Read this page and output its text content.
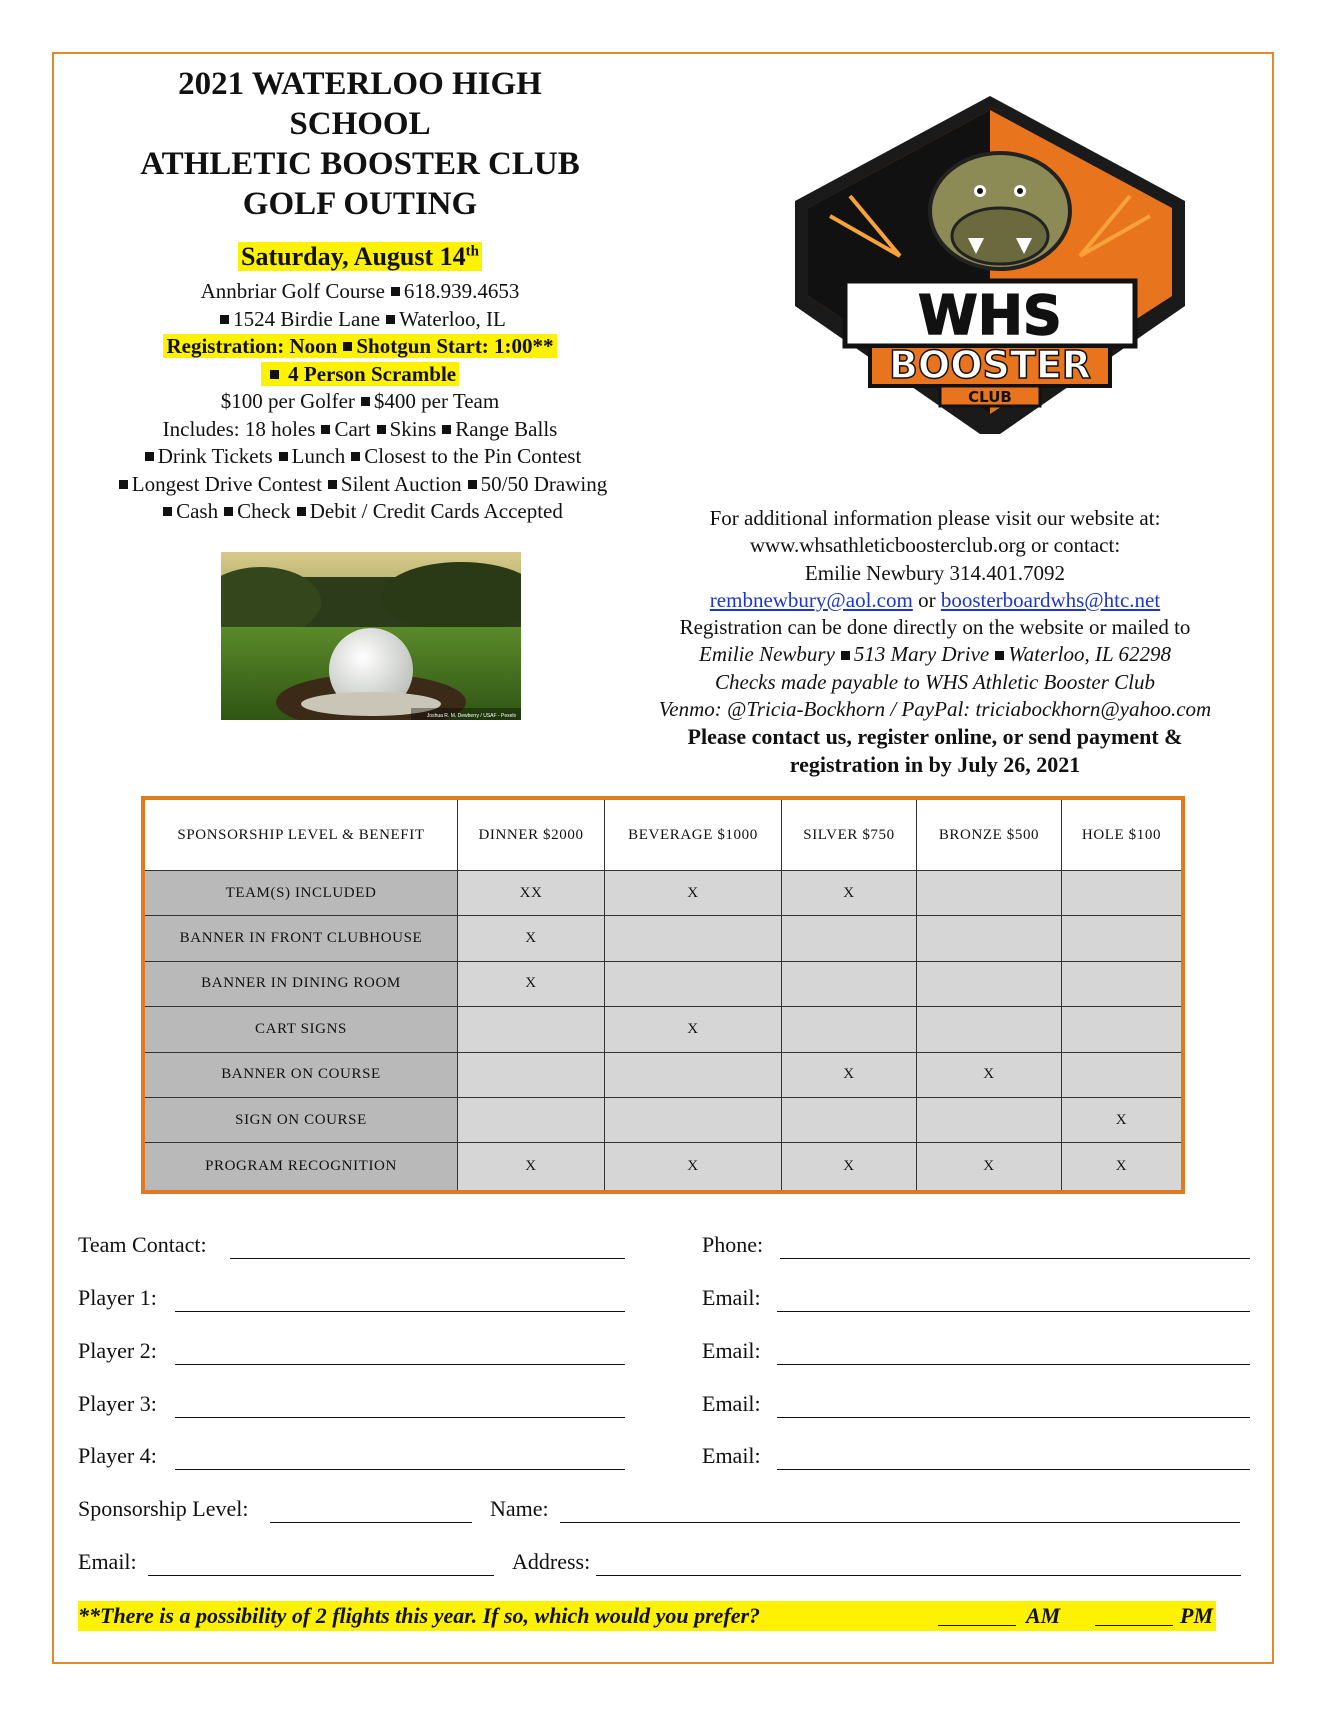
2021 WATERLOO HIGH
SCHOOL
ATHLETIC BOOSTER CLUB
GOLF OUTING
Saturday, August 14th
Annbriar Golf Course 618.939.4653
1524 Birdie Lane Waterloo, IL
Registration: Noon Shotgun Start: 1:00**
4 Person Scramble
$100 per Golfer $400 per Team
Includes: 18 holes Cart Skins Range Balls
Drink Tickets Lunch Closest to the Pin Contest
Longest Drive Contest Silent Auction 50/50 Drawing
Cash Check Debit / Credit Cards Accepted
Joshua R. M. Dewberry / USAF - Pexels
WHS
BOOSTER
CLUB
For additional information please visit our website at:
www.whsathleticboosterclub.org or contact:
Emilie Newbury 314.401.7092
rembnewbury@aol.com or boosterboardwhs@htc.net
Registration can be done directly on the website or mailed to
Emilie Newbury 513 Mary Drive Waterloo, IL 62298
Checks made payable to WHS Athletic Booster Club
Venmo: @Tricia-Bockhorn / PayPal: triciabockhorn@yahoo.com
Please contact us, register online, or send payment &
registration in by July 26, 2021
SPONSORSHIP LEVEL & BENEFIT	DINNER $2000	BEVERAGE $1000	SILVER $750	BRONZE $500	HOLE $100
TEAM(S) INCLUDED	XX	X	X		
BANNER IN FRONT CLUBHOUSE	X				
BANNER IN DINING ROOM	X				
CART SIGNS		X			
BANNER ON COURSE			X	X	
SIGN ON COURSE					X
PROGRAM RECOGNITION	X	X	X	X	X
Team Contact:	Phone:
Player 1:	Email:
Player 2:	Email:
Player 3:	Email:
Player 4:	Email:
Sponsorship Level:	Name:
Email:	Address:
**There is a possibility of 2 flights this year. If so, which would you prefer?	AM	PM
